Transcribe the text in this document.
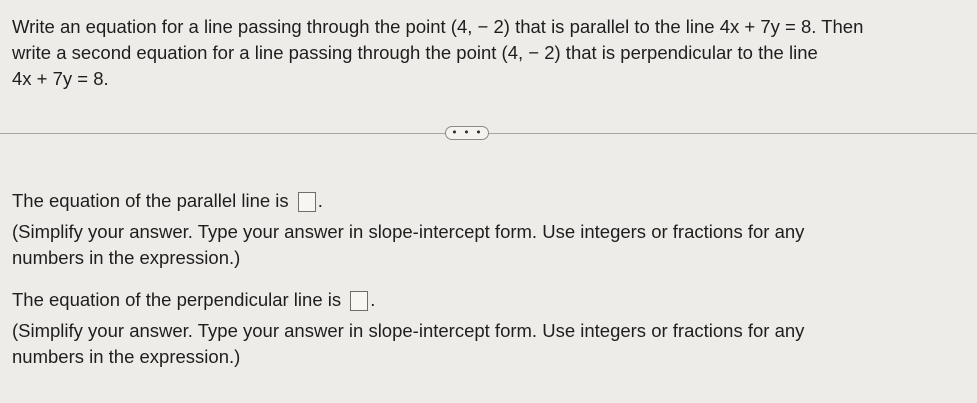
Write an equation for a line passing through the point (4, − 2) that is parallel to the line 4x + 7y = 8. Then
write a second equation for a line passing through the point (4, − 2) that is perpendicular to the line
4x + 7y = 8.
• • •
The equation of the parallel line is .
(Simplify your answer. Type your answer in slope-intercept form. Use integers or fractions for any
numbers in the expression.)
The equation of the perpendicular line is .
(Simplify your answer. Type your answer in slope-intercept form. Use integers or fractions for any
numbers in the expression.)
